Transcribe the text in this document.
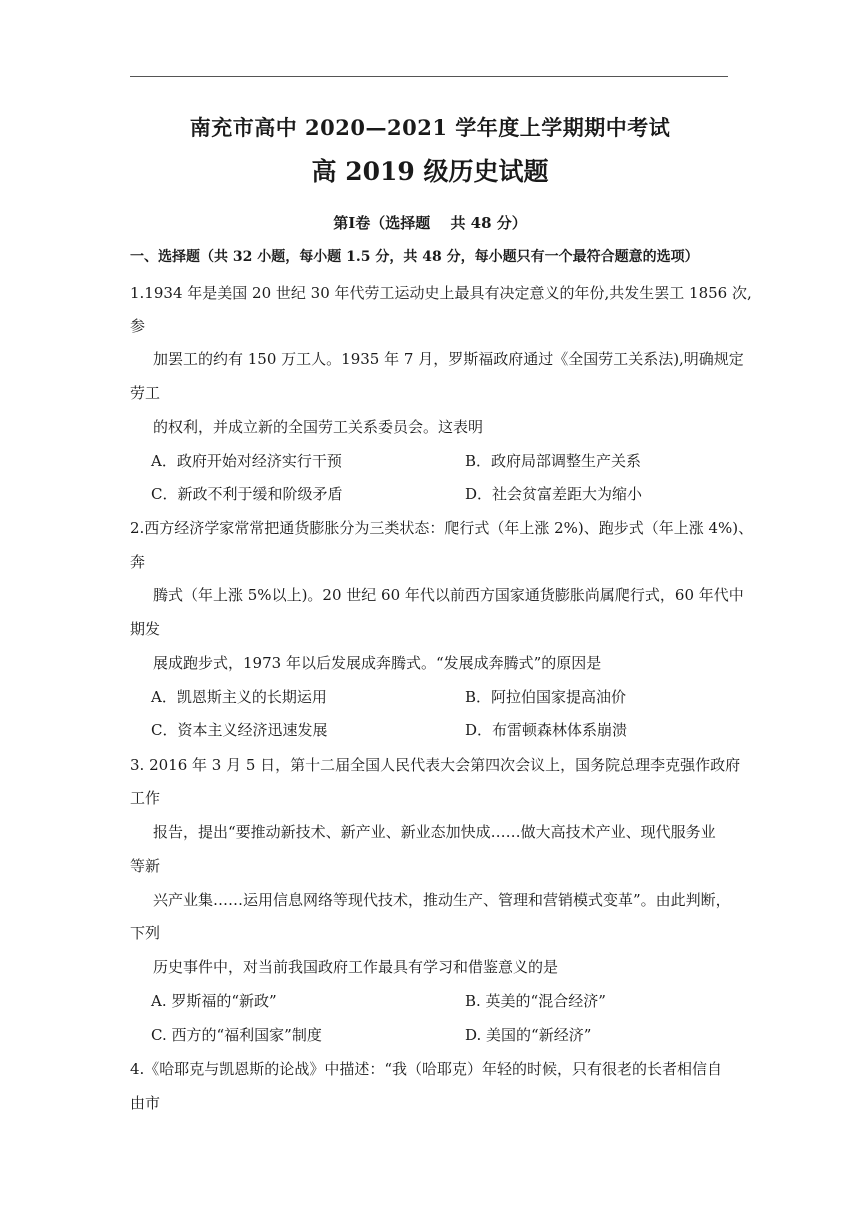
南充市高中 2020—2021 学年度上学期期中考试
高 2019 级历史试题
第Ⅰ卷（选择题　 共 48 分）
一、选择题（共 32 小题，每小题 1.5 分，共 48 分，每小题只有一个最符合题意的选项）
1.1934 年是美国 20 世纪 30 年代劳工运动史上最具有决定意义的年份,共发生罢工 1856 次,
参
加罢工的约有 150 万工人。1935 年 7 月，罗斯福政府通过《全国劳工关系法),明确规定
劳工
的权利，并成立新的全国劳工关系委员会。这表明
A．政府开始对经济实行干预	B．政府局部调整生产关系
C．新政不利于缓和阶级矛盾	D．社会贫富差距大为缩小
2.西方经济学家常常把通货膨胀分为三类状态：爬行式（年上涨 2%)、跑步式（年上涨 4%)、
奔
腾式（年上涨 5%以上)。20 世纪 60 年代以前西方国家通货膨胀尚属爬行式，60 年代中
期发
展成跑步式，1973 年以后发展成奔腾式。“发展成奔腾式”的原因是
A．凯恩斯主义的长期运用	B．阿拉伯国家提高油价
C．资本主义经济迅速发展	D．布雷顿森林体系崩溃
3. 2016 年 3 月 5 日，第十二届全国人民代表大会第四次会议上，国务院总理李克强作政府
工作
报告，提出“要推动新技术、新产业、新业态加快成……做大高技术产业、现代服务业
等新
兴产业集……运用信息网络等现代技术，推动生产、管理和营销模式变革”。由此判断，
下列
历史事件中，对当前我国政府工作最具有学习和借鉴意义的是
A. 罗斯福的“新政”	B. 英美的“混合经济”
C. 西方的“福利国家”制度	D. 美国的“新经济”
4.《哈耶克与凯恩斯的论战》中描述：“我（哈耶克）年轻的时候，只有很老的长者相信自
由市
